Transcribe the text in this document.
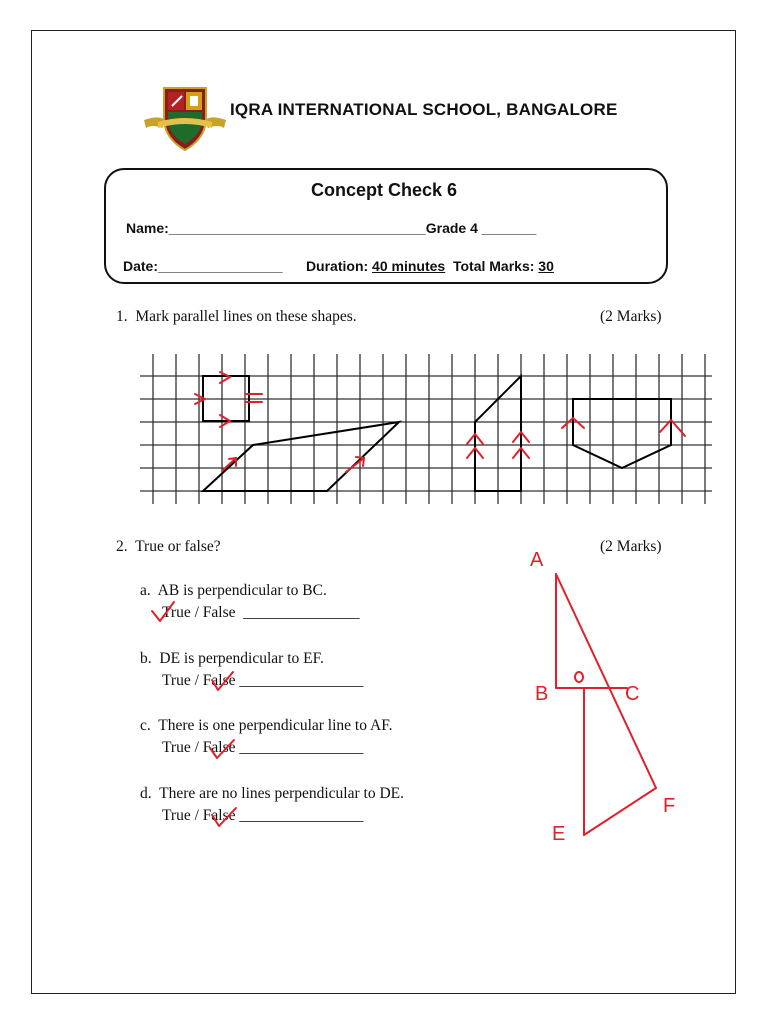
IQRA INTERNATIONAL SCHOOL, BANGALORE
Concept Check 6
Name:_________________________________Grade 4 _______
Date:________________ Duration: 40 minutes Total Marks: 30
1. Mark parallel lines on these shapes.	(2 Marks)
2. True or false?	(2 Marks)
a. AB is perpendicular to BC.
True / False  _______________
b. DE is perpendicular to EF.
True / False ________________
c. There is one perpendicular line to AF.
True / False ________________
d. There are no lines perpendicular to DE.
True / False ________________
A
B	C
E
F
